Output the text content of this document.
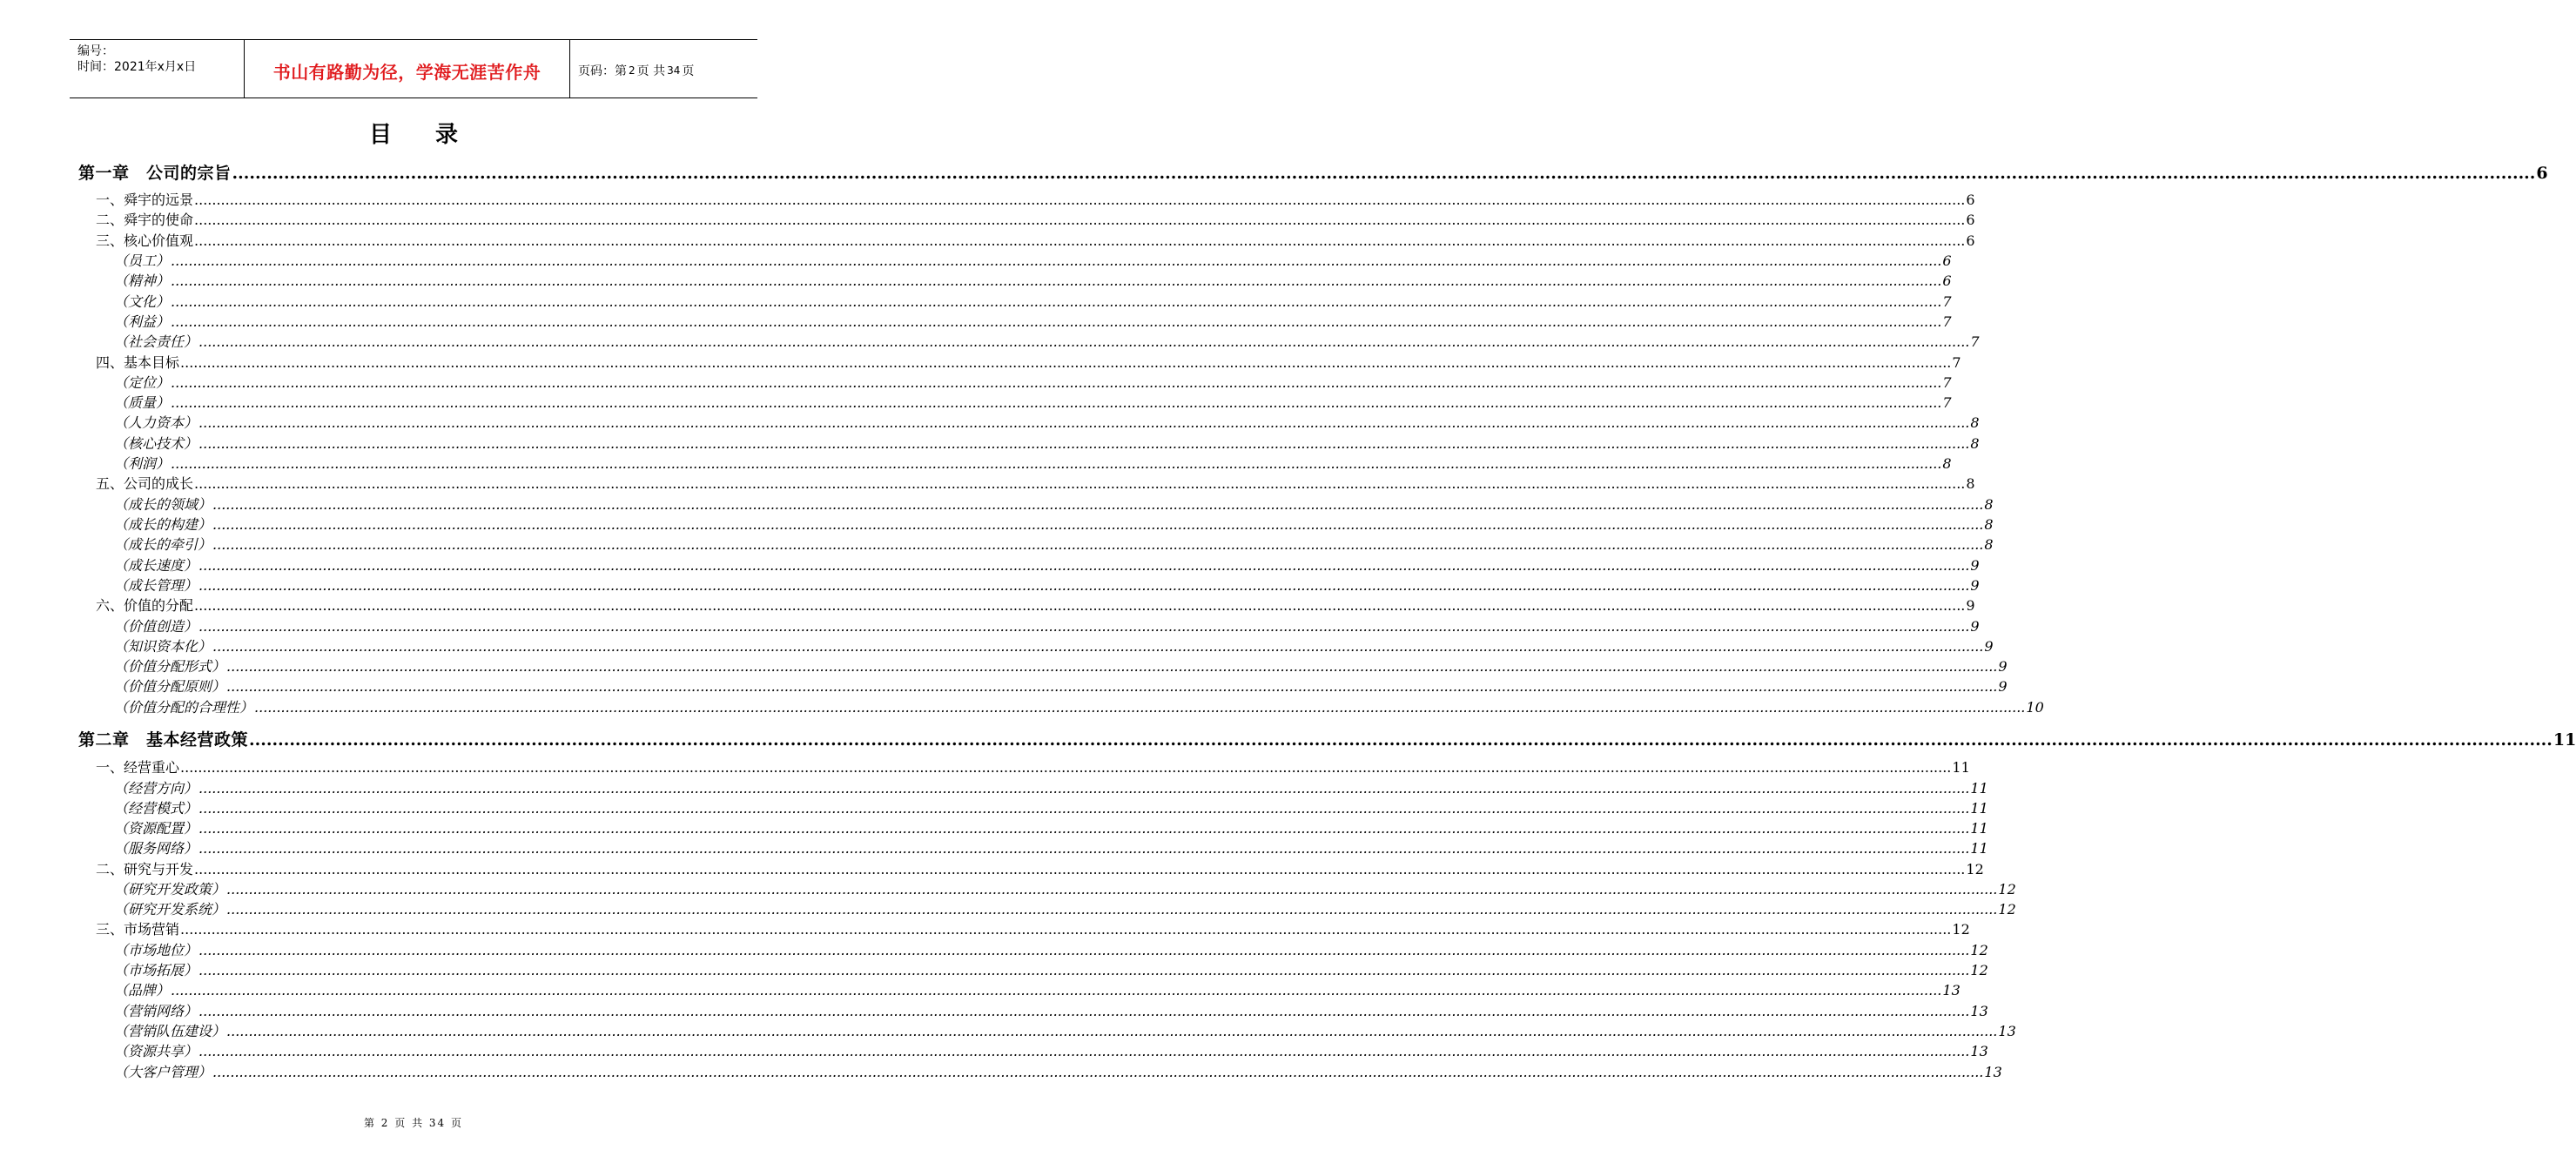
编号：
时间：2021年x月x日	书山有路勤为径，学海无涯苦作舟	页码：第 2 页 共 34 页
目录
第一章　公司的宗旨 ................................................................................................................................................................................................................................................................................................................................................................................................................ 6
一、舜宇的远景 ................................................................................................................................................................................................................................................................................................................................................................................................................ 6
二、舜宇的使命 ................................................................................................................................................................................................................................................................................................................................................................................................................ 6
三、核心价值观 ................................................................................................................................................................................................................................................................................................................................................................................................................ 6
（员工） ................................................................................................................................................................................................................................................................................................................................................................................................................ 6
（精神） ................................................................................................................................................................................................................................................................................................................................................................................................................ 6
（文化） ................................................................................................................................................................................................................................................................................................................................................................................................................ 7
（利益） ................................................................................................................................................................................................................................................................................................................................................................................................................ 7
（社会责任） ................................................................................................................................................................................................................................................................................................................................................................................................................ 7
四、基本目标 ................................................................................................................................................................................................................................................................................................................................................................................................................ 7
（定位） ................................................................................................................................................................................................................................................................................................................................................................................................................ 7
（质量） ................................................................................................................................................................................................................................................................................................................................................................................................................ 7
（人力资本） ................................................................................................................................................................................................................................................................................................................................................................................................................ 8
（核心技术） ................................................................................................................................................................................................................................................................................................................................................................................................................ 8
（利润） ................................................................................................................................................................................................................................................................................................................................................................................................................ 8
五、公司的成长 ................................................................................................................................................................................................................................................................................................................................................................................................................ 8
（成长的领域） ................................................................................................................................................................................................................................................................................................................................................................................................................ 8
（成长的构建） ................................................................................................................................................................................................................................................................................................................................................................................................................ 8
（成长的牵引） ................................................................................................................................................................................................................................................................................................................................................................................................................ 8
（成长速度） ................................................................................................................................................................................................................................................................................................................................................................................................................ 9
（成长管理） ................................................................................................................................................................................................................................................................................................................................................................................................................ 9
六、价值的分配 ................................................................................................................................................................................................................................................................................................................................................................................................................ 9
（价值创造） ................................................................................................................................................................................................................................................................................................................................................................................................................ 9
（知识资本化） ................................................................................................................................................................................................................................................................................................................................................................................................................ 9
（价值分配形式） ................................................................................................................................................................................................................................................................................................................................................................................................................ 9
（价值分配原则） ................................................................................................................................................................................................................................................................................................................................................................................................................ 9
（价值分配的合理性） ................................................................................................................................................................................................................................................................................................................................................................................................................ 10
第二章　基本经营政策 ................................................................................................................................................................................................................................................................................................................................................................................................................ 11
一、经营重心 ................................................................................................................................................................................................................................................................................................................................................................................................................ 11
（经营方向） ................................................................................................................................................................................................................................................................................................................................................................................................................ 11
（经营模式） ................................................................................................................................................................................................................................................................................................................................................................................................................ 11
（资源配置） ................................................................................................................................................................................................................................................................................................................................................................................................................ 11
（服务网络） ................................................................................................................................................................................................................................................................................................................................................................................................................ 11
二、研究与开发 ................................................................................................................................................................................................................................................................................................................................................................................................................ 12
（研究开发政策） ................................................................................................................................................................................................................................................................................................................................................................................................................ 12
（研究开发系统） ................................................................................................................................................................................................................................................................................................................................................................................................................ 12
三、市场营销 ................................................................................................................................................................................................................................................................................................................................................................................................................ 12
（市场地位） ................................................................................................................................................................................................................................................................................................................................................................................................................ 12
（市场拓展） ................................................................................................................................................................................................................................................................................................................................................................................................................ 12
（品牌） ................................................................................................................................................................................................................................................................................................................................................................................................................ 13
（营销网络） ................................................................................................................................................................................................................................................................................................................................................................................................................ 13
（营销队伍建设） ................................................................................................................................................................................................................................................................................................................................................................................................................ 13
（资源共享） ................................................................................................................................................................................................................................................................................................................................................................................................................ 13
（大客户管理） ................................................................................................................................................................................................................................................................................................................................................................................................................ 13
第 2 页 共 34 页
